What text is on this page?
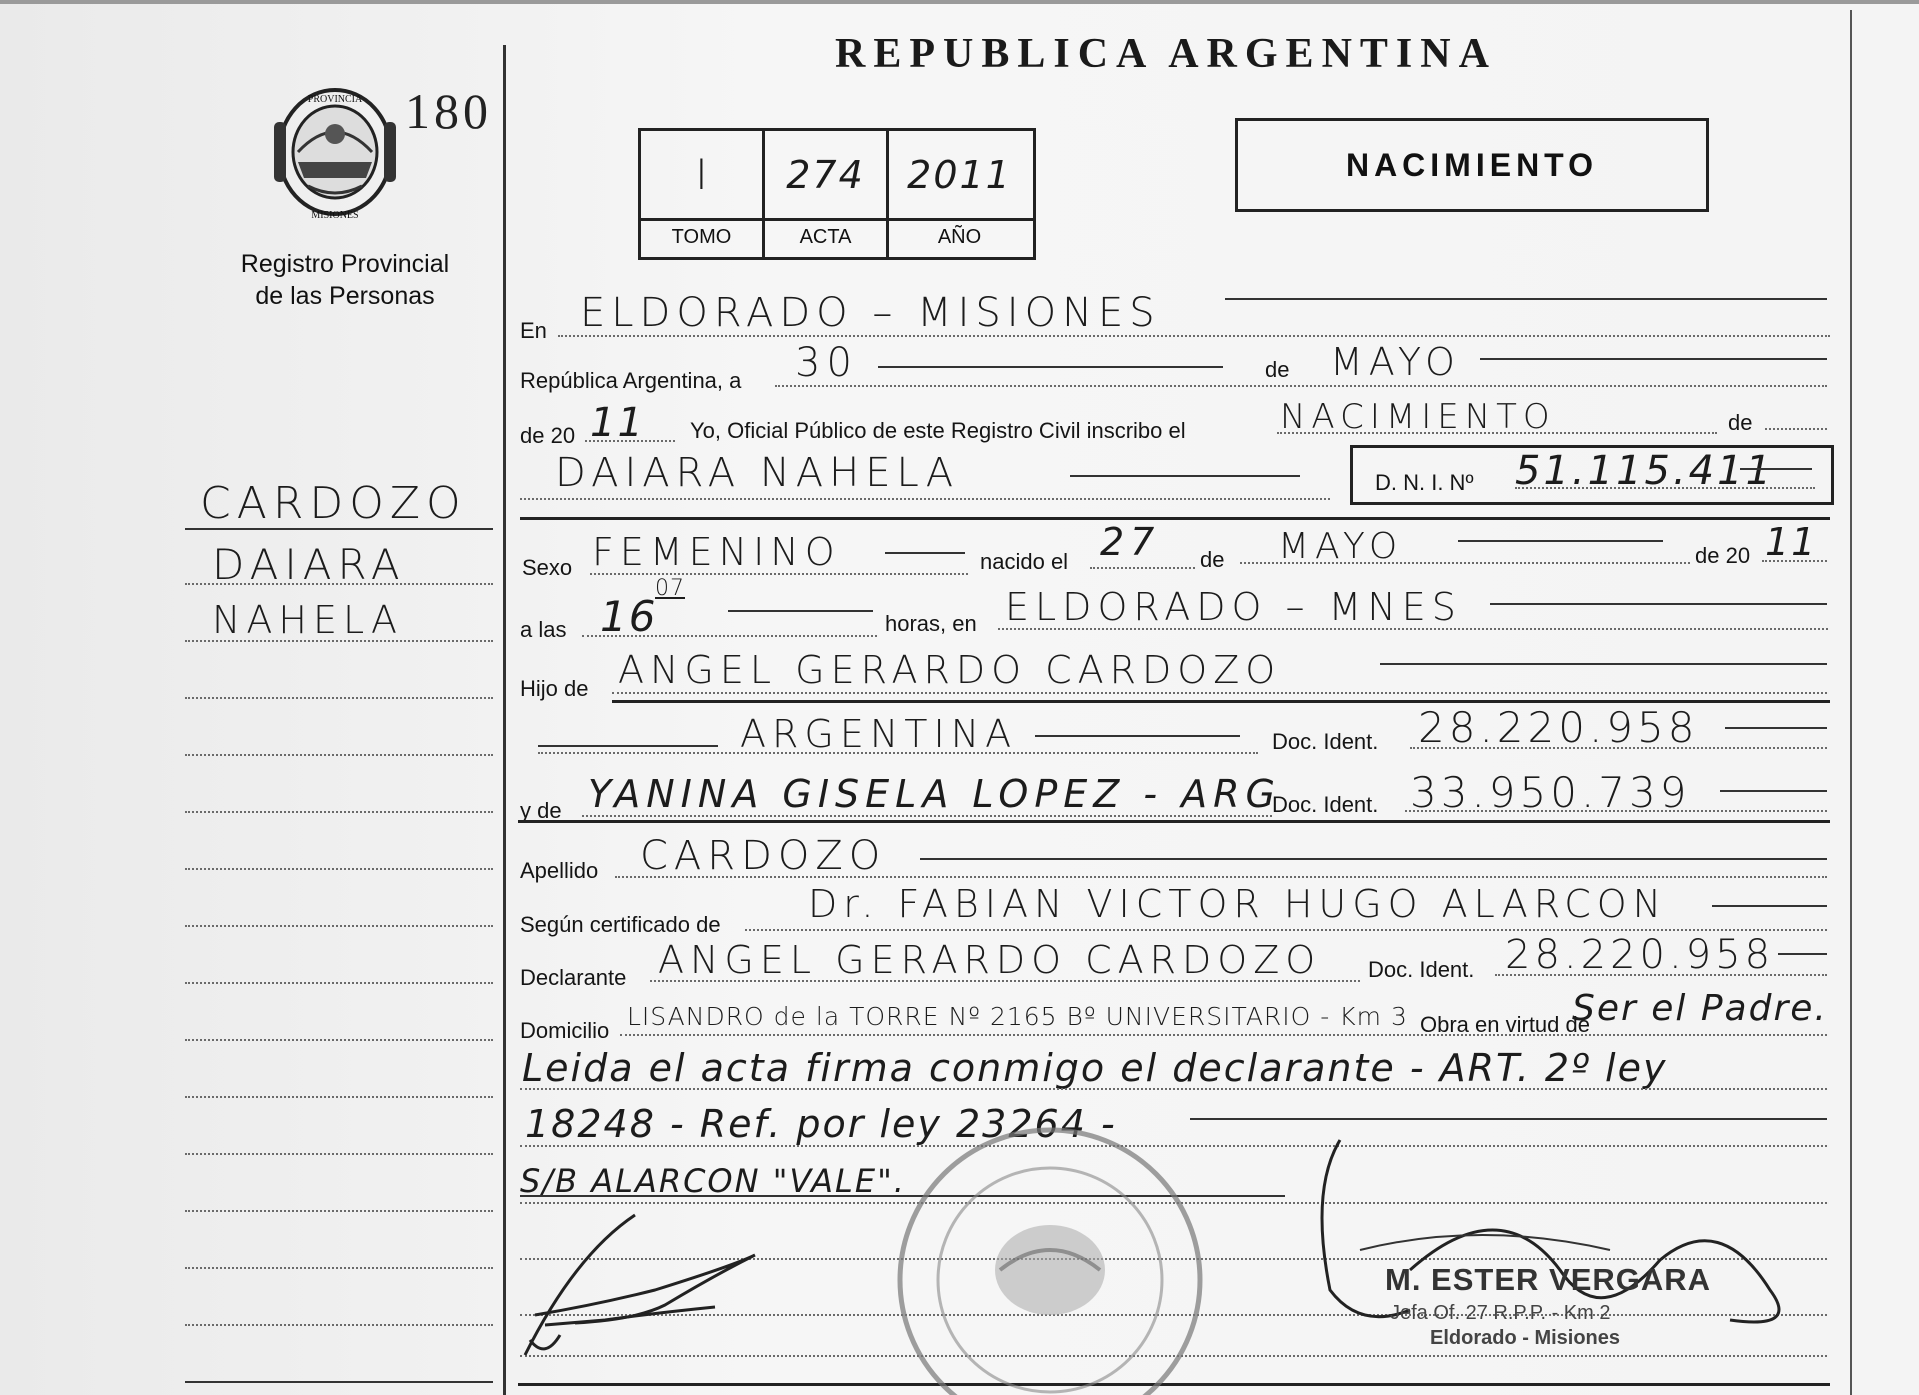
PROVINCIA
MISIONES
180
Registro Provincial
de las Personas
REPUBLICA ARGENTINA
I	274	2011
TOMO	ACTA	AÑO
NACIMIENTO
CARDOZO
DAIARA
NAHELA
En ELDORADO – MISIONES
República Argentina, a 30	de MAYO
de 20 11 Yo, Oficial Público de este Registro Civil inscribo el	NACIMIENTO	de
DAIARA NAHELA	D. N. I. Nº 51.115.411
Sexo FEMENINO	nacido el 27 de MAYO	de 20 11
a las 16
07
horas, en ELDORADO – MNES
Hijo de ANGEL GERARDO CARDOZO
ARGENTINA	Doc. Ident. 28.220.958
y de YANINA GISELA LOPEZ - ARG
Doc. Ident. 33.950.739
Apellido CARDOZO
Según certificado de Dr. FABIAN VICTOR HUGO ALARCON
Declarante ANGEL GERARDO CARDOZO Doc. Ident. 28.220.958
Domicilio LISANDRO de la TORRE Nº 2165 Bº UNIVERSITARIO - Km 3 Obra en virtud de
Ser el Padre.
Leida el acta firma conmigo el declarante - ART. 2º ley
18248 - Ref. por ley 23264 -
S/B ALARCON "VALE".
M. ESTER VERGARA
Jefa Of. 27 R.P.P. - Km 2
Eldorado - Misiones
